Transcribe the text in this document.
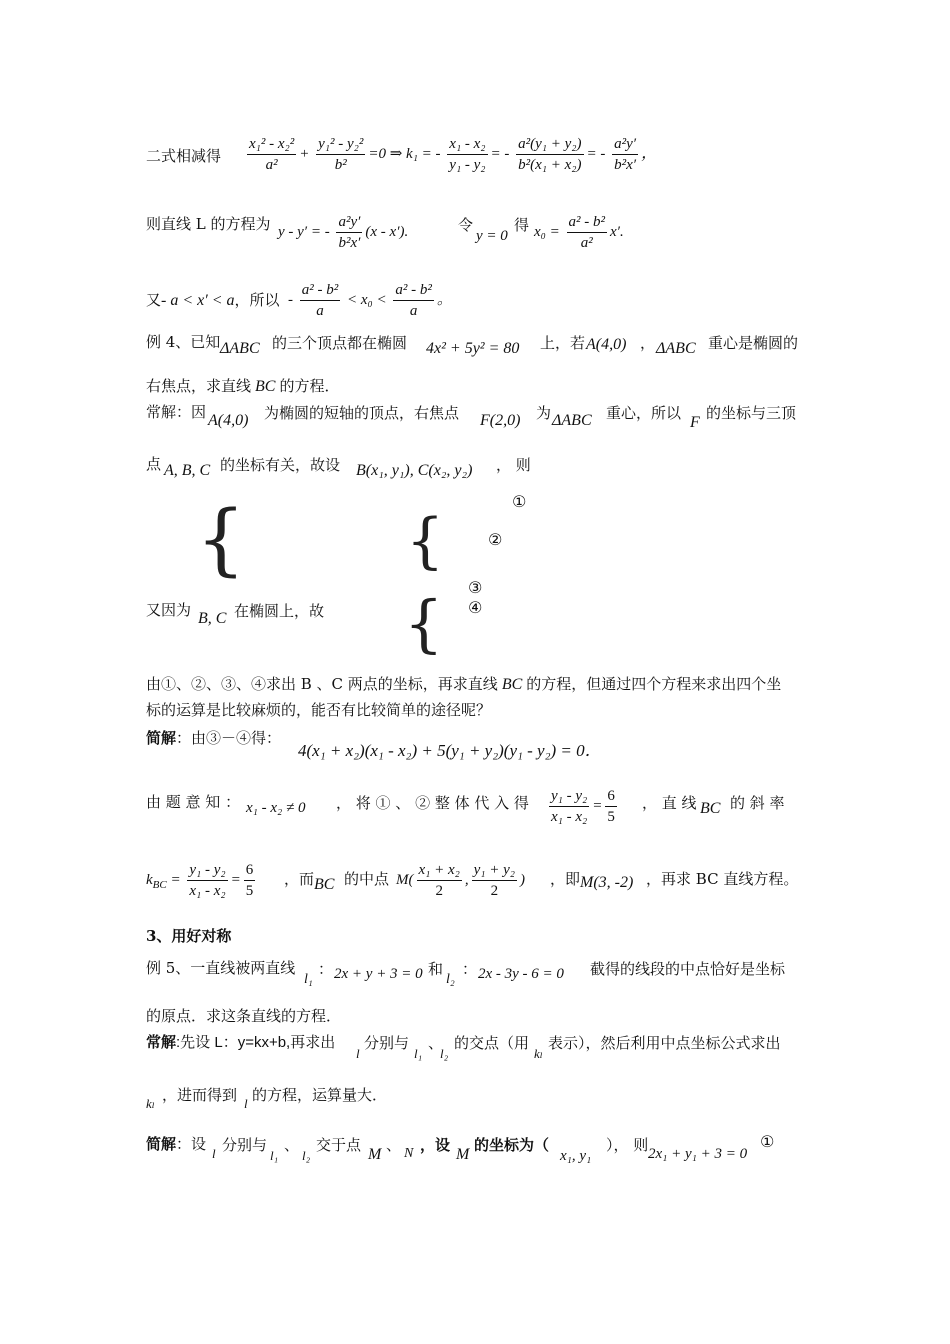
二式相减得 $\frac{\text{x₁² - x₂²}}{\text{a²}} + \frac{\text{y₁² - y₂²}}{\text{b²}} =0$ ⇒ k₁ = - $\frac{\text{x₁ - x₂}}{\text{y₁ - y₂}}$ = - $\frac{\text{a²(y₁ + y₂)}}{\text{b²(x₁ + x₂)}}$ = - $\frac{\text{a²y′}}{\text{b²x′}}$ ，
则直线 L 的方程为 y - y′ = - $\frac{\text{a²y′}}{\text{b²x′}} (x - x')$.	令
y = 0
得 $x_0 = \frac{\text{a² - b²}}{\text{a²}} x'$.
又- a < x′ < a，所以 - $\frac{\text{a² - b²}}{a} < x_0 < \frac{\text{a² - b²}}{a}$ 。
例 4、已知 ΔABC 的三个顶点都在椭圆 4x² + 5y² = 80 上，若 A(4,0) ， ΔABC 重心是椭圆的
右焦点，求直线 BC 的方程．
常解：因 A(4,0) 为椭圆的短轴的顶点，右焦点 F(2,0) 为 ΔABC 重心，所以
F
的坐标与三顶
点 A, B, C 的坐标有关，故设 B(x₁, y₁), C(x₂, y₂) ， 则
①
{	{	②
③
④
{
又因为 B, C 在椭圆上，故
由①、②、③、④求出 B 、C 两点的坐标，再求直线 BC 的方程，但通过四个方程来求出四个坐
标的运算是比较麻烦的，能否有比较简单的途径呢？
简解：由③－④得：
4(x₁ + x₂)(x₁ - x₂) + 5(y₁ + y₂)(y₁ - y₂) = 0．
由 题 意 知 ： x₁ - x₂ ≠ 0 ， 将 ① 、 ② 整 体 代 入 得 $\frac{\text{y₁ - y₂}}{\text{x₁ - x₂}} = \frac{6}{5}$ ， 直 线 BC 的 斜 率
$k_{BC} = \frac{\text{y₁ - y₂}}{\text{x₁ - x₂}} = \frac{6}{5}$ ，而 BC 的中点 $M( \frac{\text{x₁ + x₂}}{2}$ , $\frac{\text{y₁ + y₂}}{2}$ ) ，即 M(3, -2) ，再求 BC 直线方程。
3、用好对称
例 5、一直线被两直线
l₁
： 2x + y + 3 = 0 和
l₂
： 2x - 3y - 6 = 0 截得的线段的中点恰好是坐标
的原点．求这条直线的方程．
常解:先设 L：y=kx+b,再求出
l
分别与
l₁
、
l₂
的交点（用
kₗ
表示），然后利用中点坐标公式求出
kₗ ，进而得到 l 的方程，运算量大．
简解：设
l 分别与
l₁
、
l₂
交于点
M
、 N ，设
M
的坐标为（
x₁, y₁
）， 则 2x₁ + y₁ + 3 = 0
①
